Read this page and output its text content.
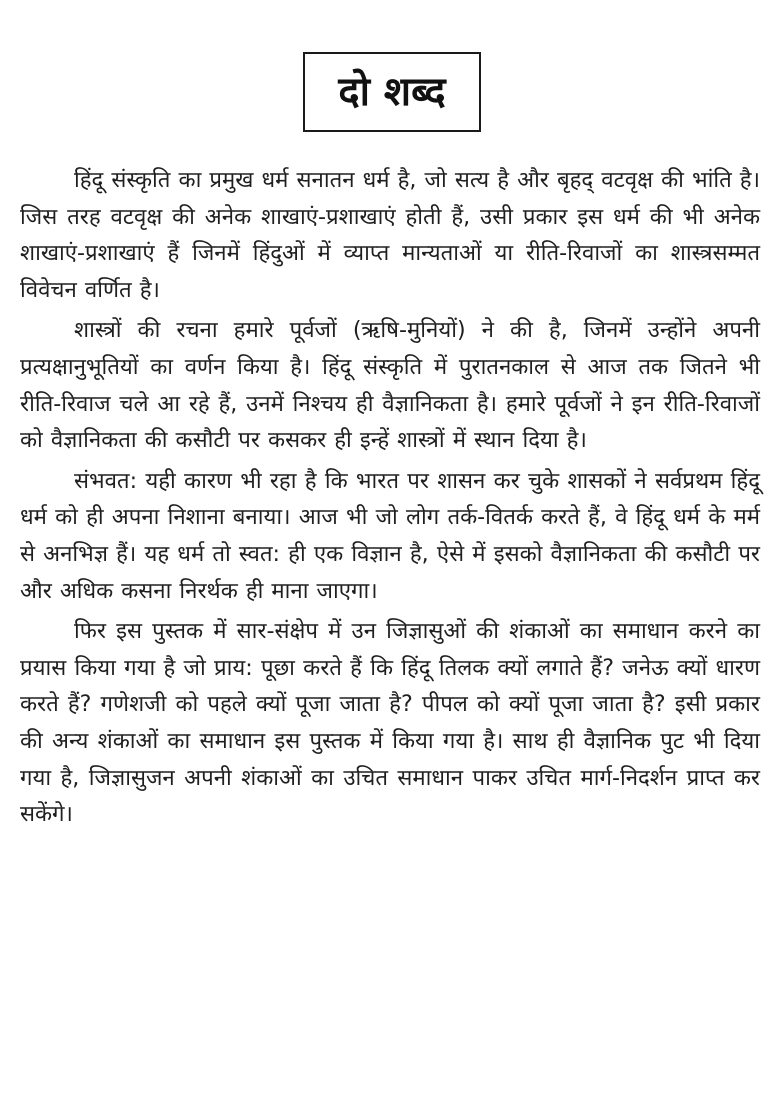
दो शब्द

हिंदू संस्कृति का प्रमुख धर्म सनातन धर्म है, जो सत्य है और बृहद् वटवृक्ष की भांति है। जिस तरह वटवृक्ष की अनेक शाखाएं-प्रशाखाएं होती हैं, उसी प्रकार इस धर्म की भी अनेक शाखाएं-प्रशाखाएं हैं जिनमें हिंदुओं में व्याप्त मान्यताओं या रीति-रिवाजों का शास्त्रसम्मत विवेचन वर्णित है।

शास्त्रों की रचना हमारे पूर्वजों (ऋषि-मुनियों) ने की है, जिनमें उन्होंने अपनी प्रत्यक्षानुभूतियों का वर्णन किया है। हिंदू संस्कृति में पुरातनकाल से आज तक जितने भी रीति-रिवाज चले आ रहे हैं, उनमें निश्चय ही वैज्ञानिकता है। हमारे पूर्वजों ने इन रीति-रिवाजों को वैज्ञानिकता की कसौटी पर कसकर ही इन्हें शास्त्रों में स्थान दिया है।

संभवत: यही कारण भी रहा है कि भारत पर शासन कर चुके शासकों ने सर्वप्रथम हिंदू धर्म को ही अपना निशाना बनाया। आज भी जो लोग तर्क-वितर्क करते हैं, वे हिंदू धर्म के मर्म से अनभिज्ञ हैं। यह धर्म तो स्वत: ही एक विज्ञान है, ऐसे में इसको वैज्ञानिकता की कसौटी पर और अधिक कसना निरर्थक ही माना जाएगा।

फिर इस पुस्तक में सार-संक्षेप में उन जिज्ञासुओं की शंकाओं का समाधान करने का प्रयास किया गया है जो प्राय: पूछा करते हैं कि हिंदू तिलक क्यों लगाते हैं? जनेऊ क्यों धारण करते हैं? गणेशजी को पहले क्यों पूजा जाता है? पीपल को क्यों पूजा जाता है? इसी प्रकार की अन्य शंकाओं का समाधान इस पुस्तक में किया गया है। साथ ही वैज्ञानिक पुट भी दिया गया है, जिज्ञासुजन अपनी शंकाओं का उचित समाधान पाकर उचित मार्ग-निदर्शन प्राप्त कर सकेंगे।
